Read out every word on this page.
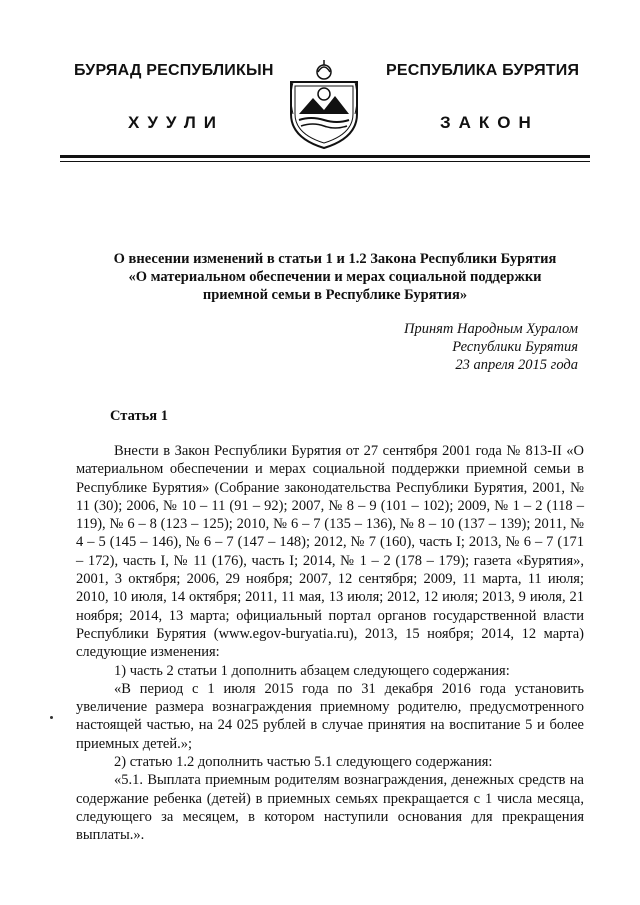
БУРЯАД РЕСПУБЛИКЫН	РЕСПУБЛИКА БУРЯТИЯ
ХУУЛИ	ЗАКОН
О внесении изменений в статьи 1 и 1.2 Закона Республики Бурятия
«О материальном обеспечении и мерах социальной поддержки
приемной семьи в Республике Бурятия»
Принят Народным Хуралом
Республики Бурятия
23 апреля 2015 года
Статья 1

Внести в Закон Республики Бурятия от 27 сентября 2001 года № 813-II «О материальном обеспечении и мерах социальной поддержки приемной семьи в Республике Бурятия» (Собрание законодательства Республики Бурятия, 2001, № 11 (30); 2006, № 10 – 11 (91 – 92); 2007, № 8 – 9 (101 – 102); 2009, № 1 – 2 (118 – 119), № 6 – 8 (123 – 125); 2010, № 6 – 7 (135 – 136), № 8 – 10 (137 – 139); 2011, № 4 – 5 (145 – 146), № 6 – 7 (147 – 148); 2012, № 7 (160), часть I; 2013, № 6 – 7 (171 – 172), часть I, № 11 (176), часть I; 2014, № 1 – 2 (178 – 179); газета «Бурятия», 2001, 3 октября; 2006, 29 ноября; 2007, 12 сентября; 2009, 11 марта, 11 июля; 2010, 10 июля, 14 октября; 2011, 11 мая, 13 июля; 2012, 12 июля; 2013, 9 июля, 21 ноября; 2014, 13 марта; официальный портал органов государственной власти Республики Бурятия (www.egov-buryatia.ru), 2013, 15 ноября; 2014, 12 марта) следующие изменения:

1) часть 2 статьи 1 дополнить абзацем следующего содержания:

«В период с 1 июля 2015 года по 31 декабря 2016 года установить увеличение размера вознаграждения приемному родителю, предусмотренного настоящей частью, на 24 025 рублей в случае принятия на воспитание 5 и более приемных детей.»;

2) статью 1.2 дополнить частью 5.1 следующего содержания:

«5.1. Выплата приемным родителям вознаграждения, денежных средств на содержание ребенка (детей) в приемных семьях прекращается с 1 числа месяца, следующего за месяцем, в котором наступили основания для прекращения выплаты.».
